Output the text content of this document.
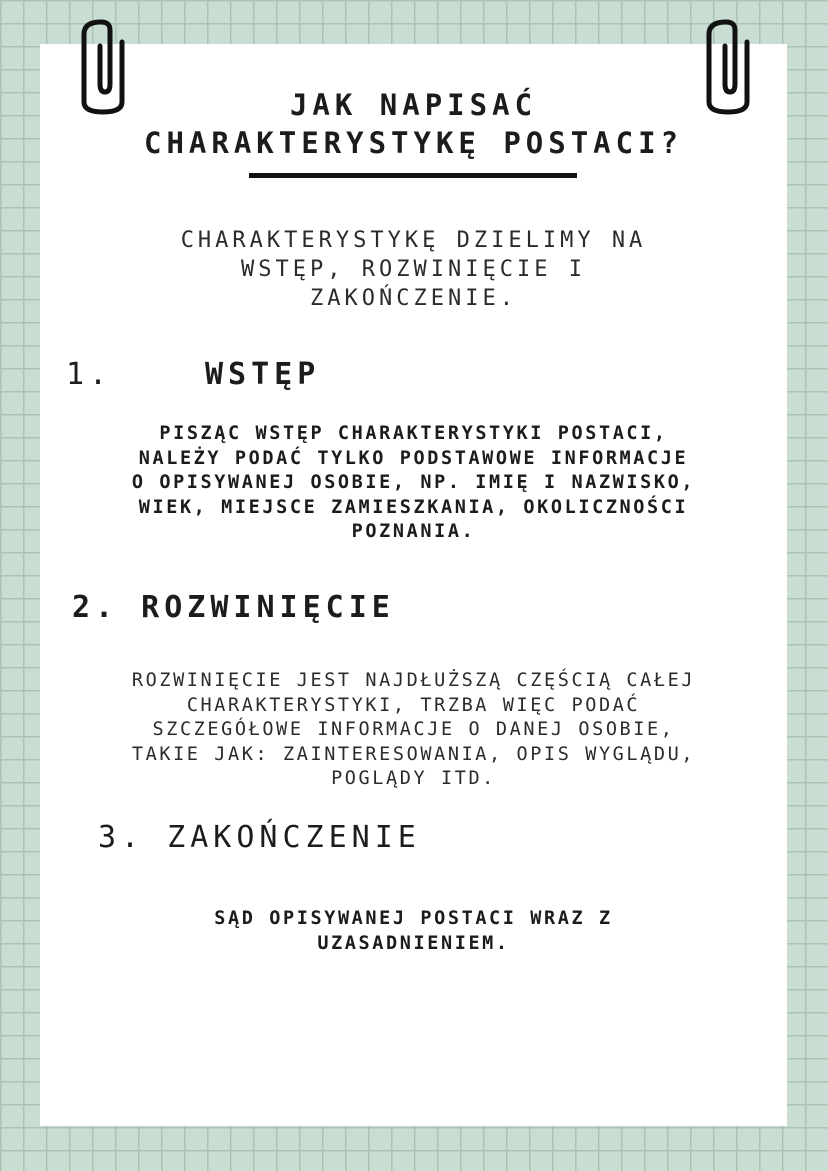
JAK NAPISAĆ
CHARAKTERYSTYKĘ POSTACI?

CHARAKTERYSTYKĘ DZIELIMY NA
WSTĘP, ROZWINIĘCIE I
ZAKOŃCZENIE.

1.	WSTĘP

PISZĄC WSTĘP CHARAKTERYSTYKI POSTACI,
NALEŻY PODAĆ TYLKO PODSTAWOWE INFORMACJE
O OPISYWANEJ OSOBIE, NP. IMIĘ I NAZWISKO,
WIEK, MIEJSCE ZAMIESZKANIA, OKOLICZNOŚCI
POZNANIA.

2. ROZWINIĘCIE

ROZWINIĘCIE JEST NAJDŁUŻSZĄ CZĘŚCIĄ CAŁEJ
CHARAKTERYSTYKI, TRZBA WIĘC PODAĆ
SZCZEGÓŁOWE INFORMACJE O DANEJ OSOBIE,
TAKIE JAK: ZAINTERESOWANIA, OPIS WYGLĄDU,
POGLĄDY ITD.

3. ZAKOŃCZENIE

SĄD OPISYWANEJ POSTACI WRAZ Z
UZASADNIENIEM.
